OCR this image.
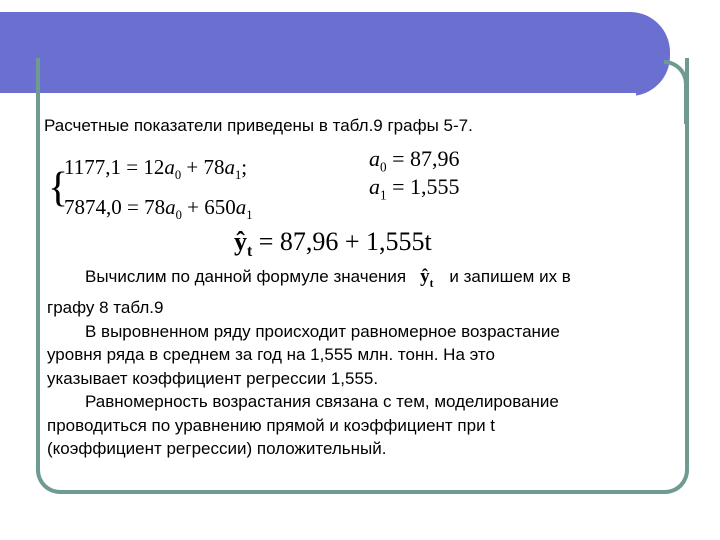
Расчетные показатели приведены в табл.9 графы 5-7.

{
$1177,1 = 12a_0 + 78a_1$;
$7874,0 = 78a_0 + 650a_1$
$a_0 = 87,96$
$a_1 = 1,555$
$ŷ_t = 87,96 + 1,555t$

Вычислим по данной формуле значения $ŷ_t$ и запишем их в

графу 8 табл.9

В выровненном ряду происходит равномерное возрастание

уровня ряда в среднем за год на 1,555 млн. тонн. На это

указывает коэффициент регрессии 1,555.

Равномерность возрастания связана с тем, моделирование

проводиться по уравнению прямой и коэффициент при t

(коэффициент регрессии) положительный.
